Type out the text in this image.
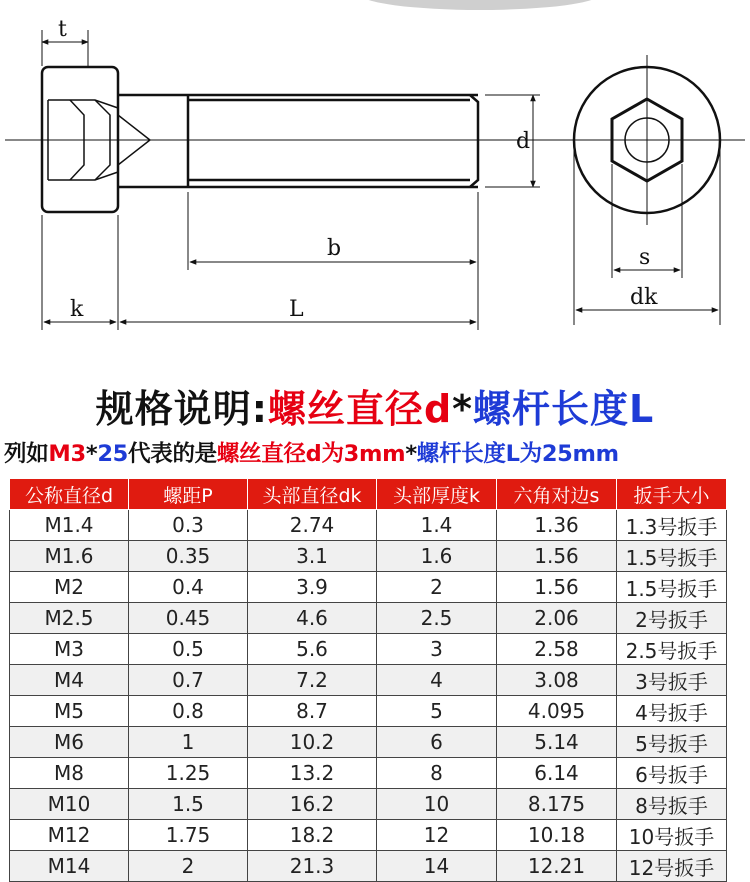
t
d
b
k	L
s
dk
规格说明:螺丝直径d*螺杆长度L
列如M3*25代表的是螺丝直径d为3mm*螺杆长度L为25mm
公称直径d	螺距P	头部直径dk	头部厚度k	六角对边s	扳手大小
M1.4	0.3	2.74	1.4	1.36	1.3号扳手
M1.6	0.35	3.1	1.6	1.56	1.5号扳手
M2	0.4	3.9	2	1.56	1.5号扳手
M2.5	0.45	4.6	2.5	2.06	2号扳手
M3	0.5	5.6	3	2.58	2.5号扳手
M4	0.7	7.2	4	3.08	3号扳手
M5	0.8	8.7	5	4.095	4号扳手
M6	1	10.2	6	5.14	5号扳手
M8	1.25	13.2	8	6.14	6号扳手
M10	1.5	16.2	10	8.175	8号扳手
M12	1.75	18.2	12	10.18	10号扳手
M14	2	21.3	14	12.21	12号扳手
